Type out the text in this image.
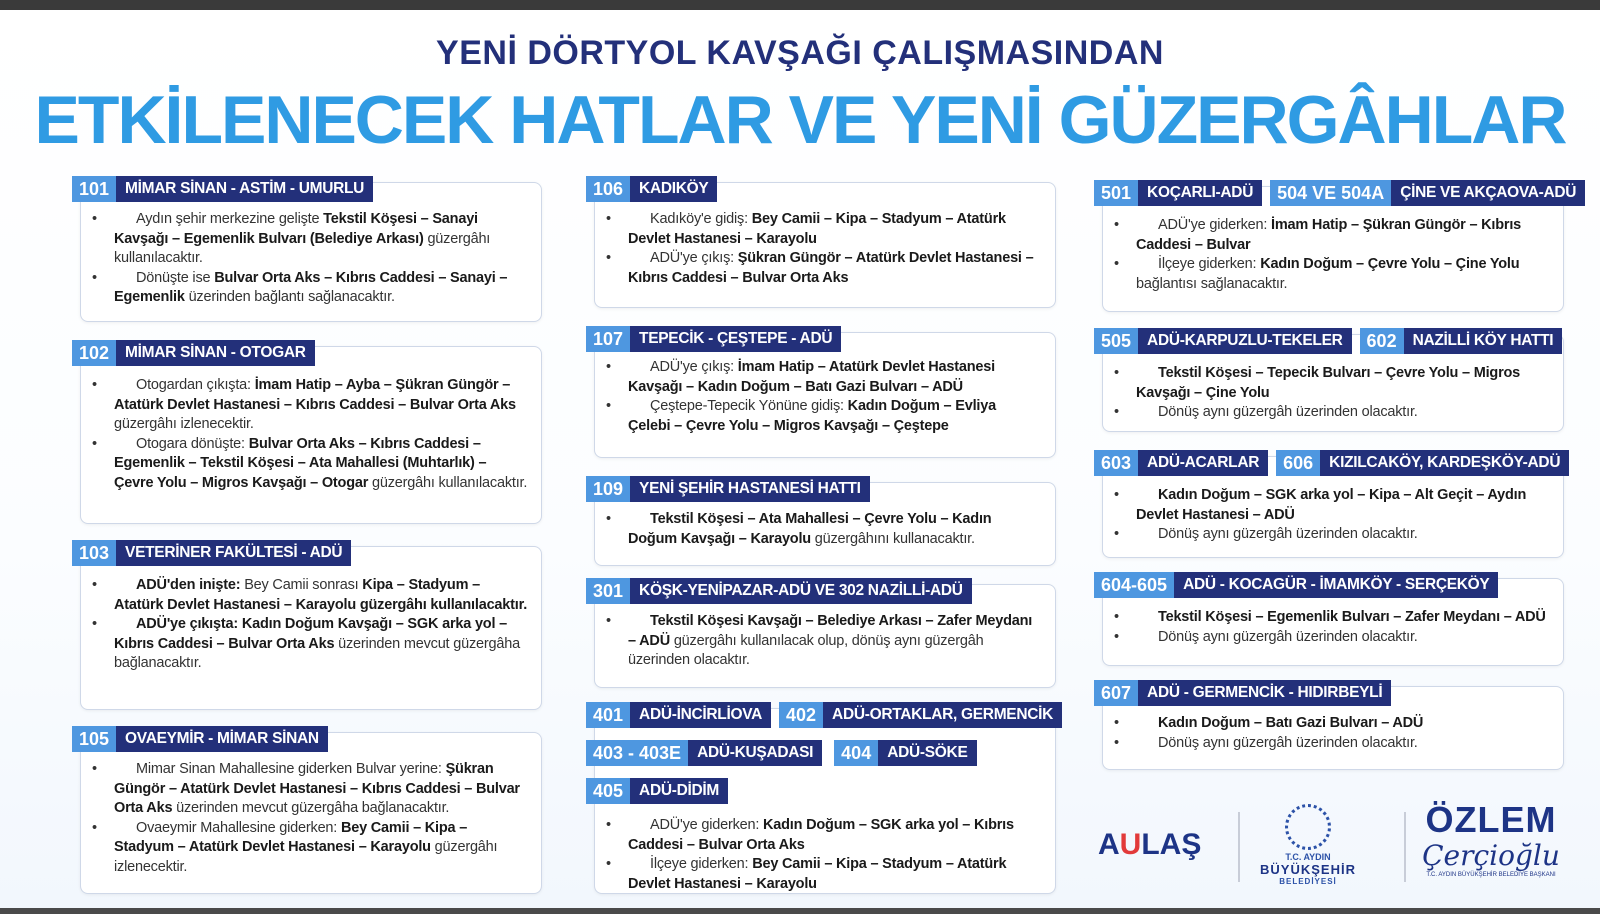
YENİ DÖRTYOL KAVŞAĞI ÇALIŞMASINDAN
ETKİLENECEK HATLAR VE YENİ GÜZERGÂHLAR
101	MİMAR SİNAN - ASTİM - UMURLU

• Aydın şehir merkezine gelişte Tekstil Köşesi – Sanayi Kavşağı – Egemenlik Bulvarı (Belediye Arkası) güzergâhı kullanılacaktır.

• Dönüşte ise Bulvar Orta Aks – Kıbrıs Caddesi – Sanayi – Egemenlik üzerinden bağlantı sağlanacaktır.

102	MİMAR SİNAN - OTOGAR

• Otogardan çıkışta: İmam Hatip – Ayba – Şükran Güngör – Atatürk Devlet Hastanesi – Kıbrıs Caddesi – Bulvar Orta Aks güzergâhı izlenecektir.

• Otogara dönüşte: Bulvar Orta Aks – Kıbrıs Caddesi – Egemenlik – Tekstil Köşesi – Ata Mahallesi (Muhtarlık) – Çevre Yolu – Migros Kavşağı – Otogar güzergâhı kullanılacaktır.

103	VETERİNER FAKÜLTESİ - ADÜ

• ADÜ'den inişte: Bey Camii sonrası Kipa – Stadyum – Atatürk Devlet Hastanesi – Karayolu güzergâhı kullanılacaktır.

• ADÜ'ye çıkışta: Kadın Doğum Kavşağı – SGK arka yol – Kıbrıs Caddesi – Bulvar Orta Aks üzerinden mevcut güzergâha bağlanacaktır.

105	OVAEYMİR - MİMAR SİNAN

• Mimar Sinan Mahallesine giderken Bulvar yerine: Şükran Güngör – Atatürk Devlet Hastanesi – Kıbrıs Caddesi – Bulvar Orta Aks üzerinden mevcut güzergâha bağlanacaktır.

• Ovaeymir Mahallesine giderken: Bey Camii – Kipa – Stadyum – Atatürk Devlet Hastanesi – Karayolu güzergâhı izlenecektir.

106	KADIKÖY

• Kadıköy'e gidiş: Bey Camii – Kipa – Stadyum – Atatürk Devlet Hastanesi – Karayolu

• ADÜ'ye çıkış: Şükran Güngör – Atatürk Devlet Hastanesi – Kıbrıs Caddesi – Bulvar Orta Aks

107	TEPECİK - ÇEŞTEPE - ADÜ

• ADÜ'ye çıkış: İmam Hatip – Atatürk Devlet Hastanesi Kavşağı – Kadın Doğum – Batı Gazi Bulvarı – ADÜ

• Çeştepe-Tepecik Yönüne gidiş: Kadın Doğum – Evliya Çelebi – Çevre Yolu – Migros Kavşağı – Çeştepe

109	YENİ ŞEHİR HASTANESİ HATTI

• Tekstil Köşesi – Ata Mahallesi – Çevre Yolu – Kadın Doğum Kavşağı – Karayolu güzergâhını kullanacaktır.

301	KÖŞK-YENİPAZAR-ADÜ VE 302 NAZİLLİ-ADÜ

• Tekstil Köşesi Kavşağı – Belediye Arkası – Zafer Meydanı – ADÜ güzergâhı kullanılacak olup, dönüş aynı güzergâh üzerinden olacaktır.

401	ADÜ-İNCİRLİOVA	402	ADÜ-ORTAKLAR, GERMENCİK
403 - 403E	ADÜ-KUŞADASI	404	ADÜ-SÖKE
405	ADÜ-DİDİM

• ADÜ'ye giderken: Kadın Doğum – SGK arka yol – Kıbrıs Caddesi – Bulvar Orta Aks

• İlçeye giderken: Bey Camii – Kipa – Stadyum – Atatürk Devlet Hastanesi – Karayolu

501	KOÇARLI-ADÜ	504 VE 504A	ÇİNE VE AKÇAOVA-ADÜ

• ADÜ'ye giderken: İmam Hatip – Şükran Güngör – Kıbrıs Caddesi – Bulvar

• İlçeye giderken: Kadın Doğum – Çevre Yolu – Çine Yolu bağlantısı sağlanacaktır.

505	ADÜ-KARPUZLU-TEKELER	602	NAZİLLİ KÖY HATTI

• Tekstil Köşesi – Tepecik Bulvarı – Çevre Yolu – Migros Kavşağı – Çine Yolu

• Dönüş aynı güzergâh üzerinden olacaktır.

603	ADÜ-ACARLAR	606	KIZILCAKÖY, KARDEŞKÖY-ADÜ

• Kadın Doğum – SGK arka yol – Kipa – Alt Geçit – Aydın Devlet Hastanesi – ADÜ

• Dönüş aynı güzergâh üzerinden olacaktır.

604-605	ADÜ - KOCAGÜR - İMAMKÖY - SERÇEKÖY

• Tekstil Köşesi – Egemenlik Bulvarı – Zafer Meydanı – ADÜ

• Dönüş aynı güzergâh üzerinden olacaktır.

607	ADÜ - GERMENCİK - HIDIRBEYLİ

• Kadın Doğum – Batı Gazi Bulvarı – ADÜ

• Dönüş aynı güzergâh üzerinden olacaktır.

AULAŞ	T.C. AYDIN
BÜYÜKŞEHİR
BELEDİYESİ
ÖZLEM
Çerçioğlu
T.C. AYDIN BÜYÜKŞEHİR BELEDİYE BAŞKANI
